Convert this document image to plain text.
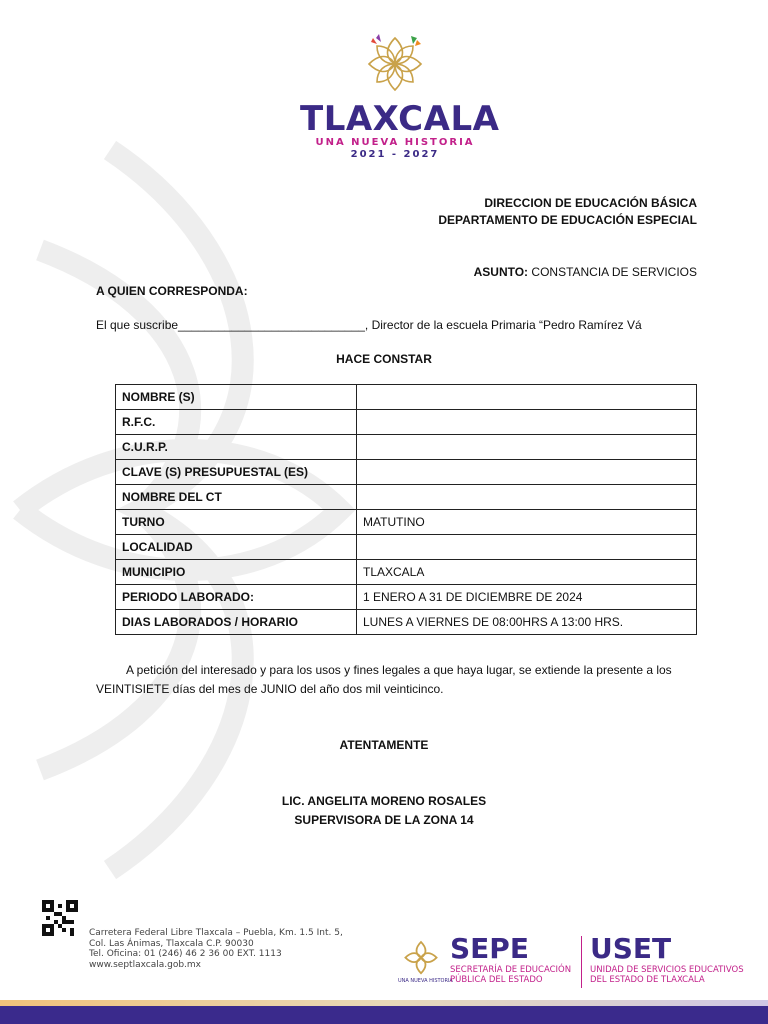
TLAXCALA
UNA NUEVA HISTORIA
2021 - 2027
DIRECCION DE EDUCACIÓN BÁSICA
DEPARTAMENTO DE EDUCACIÓN ESPECIAL
ASUNTO: CONSTANCIA DE SERVICIOS
A QUIEN CORRESPONDA:
El que suscribe____________________________, Director de la escuela Primaria “Pedro Ramírez Vá
HACE CONSTAR
NOMBRE (S)	
R.F.C.	
C.U.R.P.	
CLAVE (S) PRESUPUESTAL (ES)	
NOMBRE DEL CT	
TURNO	MATUTINO
LOCALIDAD	
MUNICIPIO	TLAXCALA
PERIODO LABORADO:	1 ENERO A 31 DE DICIEMBRE DE 2024
DIAS LABORADOS / HORARIO	LUNES A VIERNES DE 08:00HRS A 13:00 HRS.
A petición del interesado y para los usos y fines legales a que haya lugar, se extiende la presente a los
VEINTISIETE días del mes de JUNIO del año dos mil veinticinco.
ATENTAMENTE
LIC. ANGELITA MORENO ROSALES
SUPERVISORA DE LA ZONA 14
Carretera Federal Libre Tlaxcala – Puebla, Km. 1.5 Int. 5,
Col. Las Ánimas, Tlaxcala C.P. 90030
Tel. Oficina: 01 (246) 46 2 36 00 EXT. 1113
www.septlaxcala.gob.mx
UNA NUEVA HISTORIA
SEPE
SECRETARÍA DE EDUCACIÓN
PÚBLICA DEL ESTADO
USET
UNIDAD DE SERVICIOS EDUCATIVOS
DEL ESTADO DE TLAXCALA
